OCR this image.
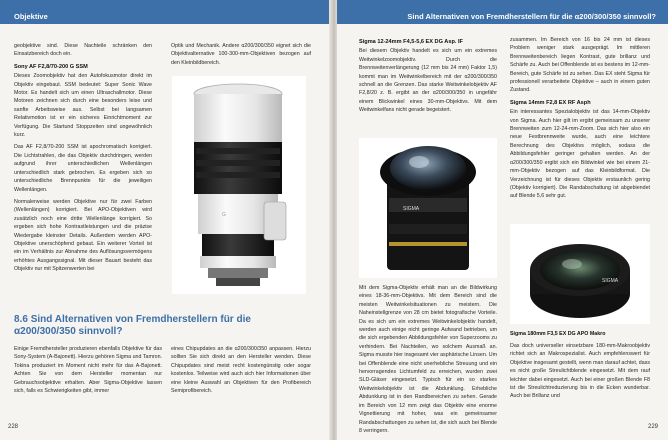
Objektive

geobjektive sind. Diese Nachteile schränken den Einsatzbereich doch ein.

Sony AF F2,8/70-200 G SSM

Dieses Zoomobjektiv hat den Autofokusmotor direkt im Objektiv eingebaut. SSM bedeutet: Super Sonic Wave Motor. Es handelt sich um einen Ultraschallmotor. Diese Motoren zeichnen sich durch eine besonders leise und sanfte Arbeitsweise aus. Selbst bei langsamen Relativmotion ist er ein sicheres Einrichtmoment zur Verfügung. Die Startund Stoppzeiten sind ungewöhnlich kurz.

Das AF F2,8/70-200 SSM ist apochromatisch korrigiert. Die Lichtstrahlen, die das Objektiv durchdringen, werden aufgrund ihrer unterschiedlichen Wellenlängen unterschiedlich stark gebrochen. Es ergeben sich so unterschiedliche Brennpunkte für die jeweiligen Wellenlängen.

Normalerweise werden Objektive nur für zwei Farben (Wellenlängen) korrigiert. Bei APO-Objektiven wird zusätzlich noch eine dritte Wellenlänge korrigiert. So ergeben sich hohe Kontrastleistungen und die präzise Wiedergabe kleinster Details. Außerdem werden APO-Objektive unerschöpfend gebaut. Ein weiterer Vorteil ist ein im Verhältnis zur Abnahme des Auflösungsvermögens erhöhtes Ausgangssignal. Mit dieser Bauart besteht das Objektiv nur mit Spitzenwerten bei

Optik und Mechanik. Andere α200/300/350 eignet sich die Objektivalternative 100-300-mm-Objektiven bezogen auf den Kleinbildbereich.

G
8.6 Sind Alternativen von Fremdherstellern für die α200/300/350 sinnvoll?

Einige Fremdhersteller produzieren ebenfalls Objektive für das Sony-System (A-Bajonett). Hierzu gehören Sigma und Tamron. Tokina produziert im Moment nicht mehr für das A-Bajonett. Achten Sie von dem Hersteller momentan nur Gebrauchsobjektive erhalten. Aber Sigma-Objektive lassen sich, falls es Schwierigkeiten gibt, immer

eines Chipupdates an die α200/300/350 anpassen. Hierzu sollten Sie sich direkt an den Hersteller wenden. Diese Chipupdates sind meist recht kostengünstig oder sogar kostenlos. Teilweise wird auch sich hier Informationen über eine kleine Auswahl an Objektiven für den Profibereich Semiprofibereich.

228
Sind Alternativen von Fremdherstellern für die α200/300/350 sinnvoll?
Sigma 12-24mm F4,5-5,6 EX DG Asp. IF

Bei diesem Objektiv handelt es sich um ein extremes Weitwinkelzoomobjektiv. Durch die Brennweitenverlängerung (12 mm bis 24 mm) Faktor 1,5) kommt man im Weitwinkelbereich mit der α200/300/350 schnell an die Grenzen. Das starke Weitwinkelobjektiv AF F2,8/20 z. B. ergibt an der α200/300/350 in ungefähr einem Blickwinkel eines 30-mm-Objektivs. Mit dem Weitwinkelfans nicht gerade begeistert.

SIGMA

Mit dem Sigma-Objektiv erhält man an die Bildwirkung eines 18-36-mm-Objektivs. Mit dem Bereich sind die meisten Weitwinkelsituationen zu meistern. Die Naheinstellgrenze von 28 cm bietet fotografische Vorteile. Da es sich um ein extremes Weitwinkelobjektiv handelt, werden auch einige nicht geringe Aufwand betrieben, um die sich ergebenden Abbildungsfehler von Superzooms zu verhindern. Bei Nachteilen, wo solchem Ausmaß an. Sigma musste hier insgesamt vier asphärische Linsen. Um bei Offenblende eine nicht unerhebliche Streuung und ein hervorragendes Lichtumfeld zu erreichen, wurden zwei SLD-Gläser eingesetzt. Typisch für ein so starkes Weitwinkelobjektiv ist die Abdunklung. Erhebliche Abdunklung ist in den Randbereichen zu sehen. Gerade im Bereich von 12 mm zeigt das Objektiv eine enorme Vignettierung mit hoher, was ein gemeinsamer Randabschattungen zu sehen ist, die sich auch bei Blende 8 verringern.

zusammen. Im Bereich von 16 bis 24 mm ist dieses Problem weniger stark ausgeprägt. Im mittleren Brennweitenbereich liegen Kontrast, gute brillanz und Schärfe zu. Auch bei Offenblende ist es bestens im 12-mm-Bereich, gute Schärfe ist zu sehen. Das EX steht Sigma für professionell verarbeitete Objektive – auch in einem guten Zustand.

Sigma 14mm F2,8 EX RF Asph

Ein interessantes Spezialobjektiv ist das 14-mm-Objektiv von Sigma. Auch hier gilt im ergibt gemeinsam zu unserer Brennweiten zum 12-24-mm-Zoom. Das sich hier also ein neue Festbrennweite wurde, auch eine leichtere Berechnung des Objektivs möglich, sodass die Abbildungsfehler geringer gehalten werden. An der α200/300/350 ergibt sich ein Bildwinkel wie bei einem 21-mm-Objektiv bezogen auf das Kleinbildformat. Die Verzeichnung ist für dieses Objektiv erstaunlich gering (Objektiv korrigiert). Die Randabschattung ist abgebiendet auf Blende 5,6 sehr gut.

SIGMA
Sigma 180mm F3,5 EX DG APO Makro

Das doch universeller einsetzbare 180-mm-Makroobjektiv richtet sich an Makrospezialist. Auch empfehlenswert für Objektive insgesamt gestellt, wenn man darauf achtet, dass es nicht große Streulichtblende eingesetzt. Mit dem rauf leichter dabei eingesetzt. Auch bei einer großen Blende F8 ist die Streulichtreduzierung bis in die Ecken wunderbar. Auch bei Brillanz und

229
